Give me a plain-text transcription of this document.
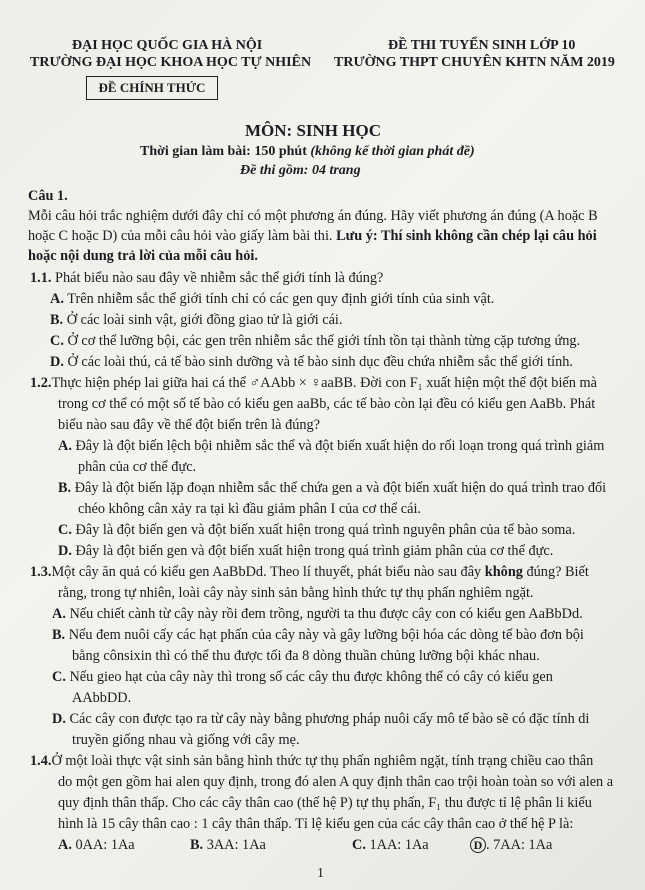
ĐẠI HỌC QUỐC GIA HÀ NỘI
TRƯỜNG ĐẠI HỌC KHOA HỌC TỰ NHIÊN
ĐỀ THI TUYỂN SINH LỚP 10
TRƯỜNG THPT CHUYÊN KHTN NĂM 2019
ĐỀ CHÍNH THỨC
MÔN: SINH HỌC
Thời gian làm bài: 150 phút (không kể thời gian phát đề)
Đề thi gồm: 04 trang
Câu 1.
Mỗi câu hỏi trắc nghiệm dưới đây chỉ có một phương án đúng. Hãy viết phương án đúng (A hoặc B
hoặc C hoặc D) của mỗi câu hỏi vào giấy làm bài thi. Lưu ý: Thí sinh không cần chép lại câu hỏi
hoặc nội dung trả lời của mỗi câu hỏi.
1.1. Phát biểu nào sau đây về nhiễm sắc thể giới tính là đúng?
A. Trên nhiễm sắc thể giới tính chỉ có các gen quy định giới tính của sinh vật.
B. Ở các loài sinh vật, giới đồng giao tử là giới cái.
C. Ở cơ thể lưỡng bội, các gen trên nhiễm sắc thể giới tính tồn tại thành từng cặp tương ứng.
D. Ở các loài thú, cả tế bào sinh dưỡng và tế bào sinh dục đều chứa nhiễm sắc thể giới tính.
1.2.Thực hiện phép lai giữa hai cá thể ♂AAbb × ♀aaBB. Đời con F₁ xuất hiện một thể đột biến mà
trong cơ thể có một số tế bào có kiểu gen aaBb, các tế bào còn lại đều có kiểu gen AaBb. Phát
biểu nào sau đây về thể đột biến trên là đúng?
A. Đây là đột biến lệch bội nhiễm sắc thể và đột biến xuất hiện do rối loạn trong quá trình giảm
phân của cơ thể đực.
B. Đây là đột biến lặp đoạn nhiễm sắc thể chứa gen a và đột biến xuất hiện do quá trình trao đổi
chéo không cân xảy ra tại kì đầu giảm phân I của cơ thể cái.
C. Đây là đột biến gen và đột biến xuất hiện trong quá trình nguyên phân của tế bào soma.
D. Đây là đột biến gen và đột biến xuất hiện trong quá trình giảm phân của cơ thể đực.
1.3.Một cây ăn quả có kiểu gen AaBbDd. Theo lí thuyết, phát biểu nào sau đây không đúng? Biết
rằng, trong tự nhiên, loài cây này sinh sản bằng hình thức tự thụ phấn nghiêm ngặt.
A. Nếu chiết cành từ cây này rồi đem trồng, người ta thu được cây con có kiểu gen AaBbDd.
B. Nếu đem nuôi cấy các hạt phấn của cây này và gây lưỡng bội hóa các dòng tế bào đơn bội
bằng cônsixin thì có thể thu được tối đa 8 dòng thuần chủng lưỡng bội khác nhau.
C. Nếu gieo hạt của cây này thì trong số các cây thu được không thể có cây có kiểu gen
AAbbDD.
D. Các cây con được tạo ra từ cây này bằng phương pháp nuôi cấy mô tế bào sẽ có đặc tính di
truyền giống nhau và giống với cây mẹ.
1.4.Ở một loài thực vật sinh sản bằng hình thức tự thụ phấn nghiêm ngặt, tính trạng chiều cao thân
do một gen gồm hai alen quy định, trong đó alen A quy định thân cao trội hoàn toàn so với alen a
quy định thân thấp. Cho các cây thân cao (thế hệ P) tự thụ phấn, F₁ thu được tỉ lệ phân li kiểu
hình là 15 cây thân cao : 1 cây thân thấp. Tỉ lệ kiểu gen của các cây thân cao ở thế hệ P là:
A. 0AA: 1Aa	B. 3AA: 1Aa	C. 1AA: 1Aa	D . 7AA: 1Aa
1
